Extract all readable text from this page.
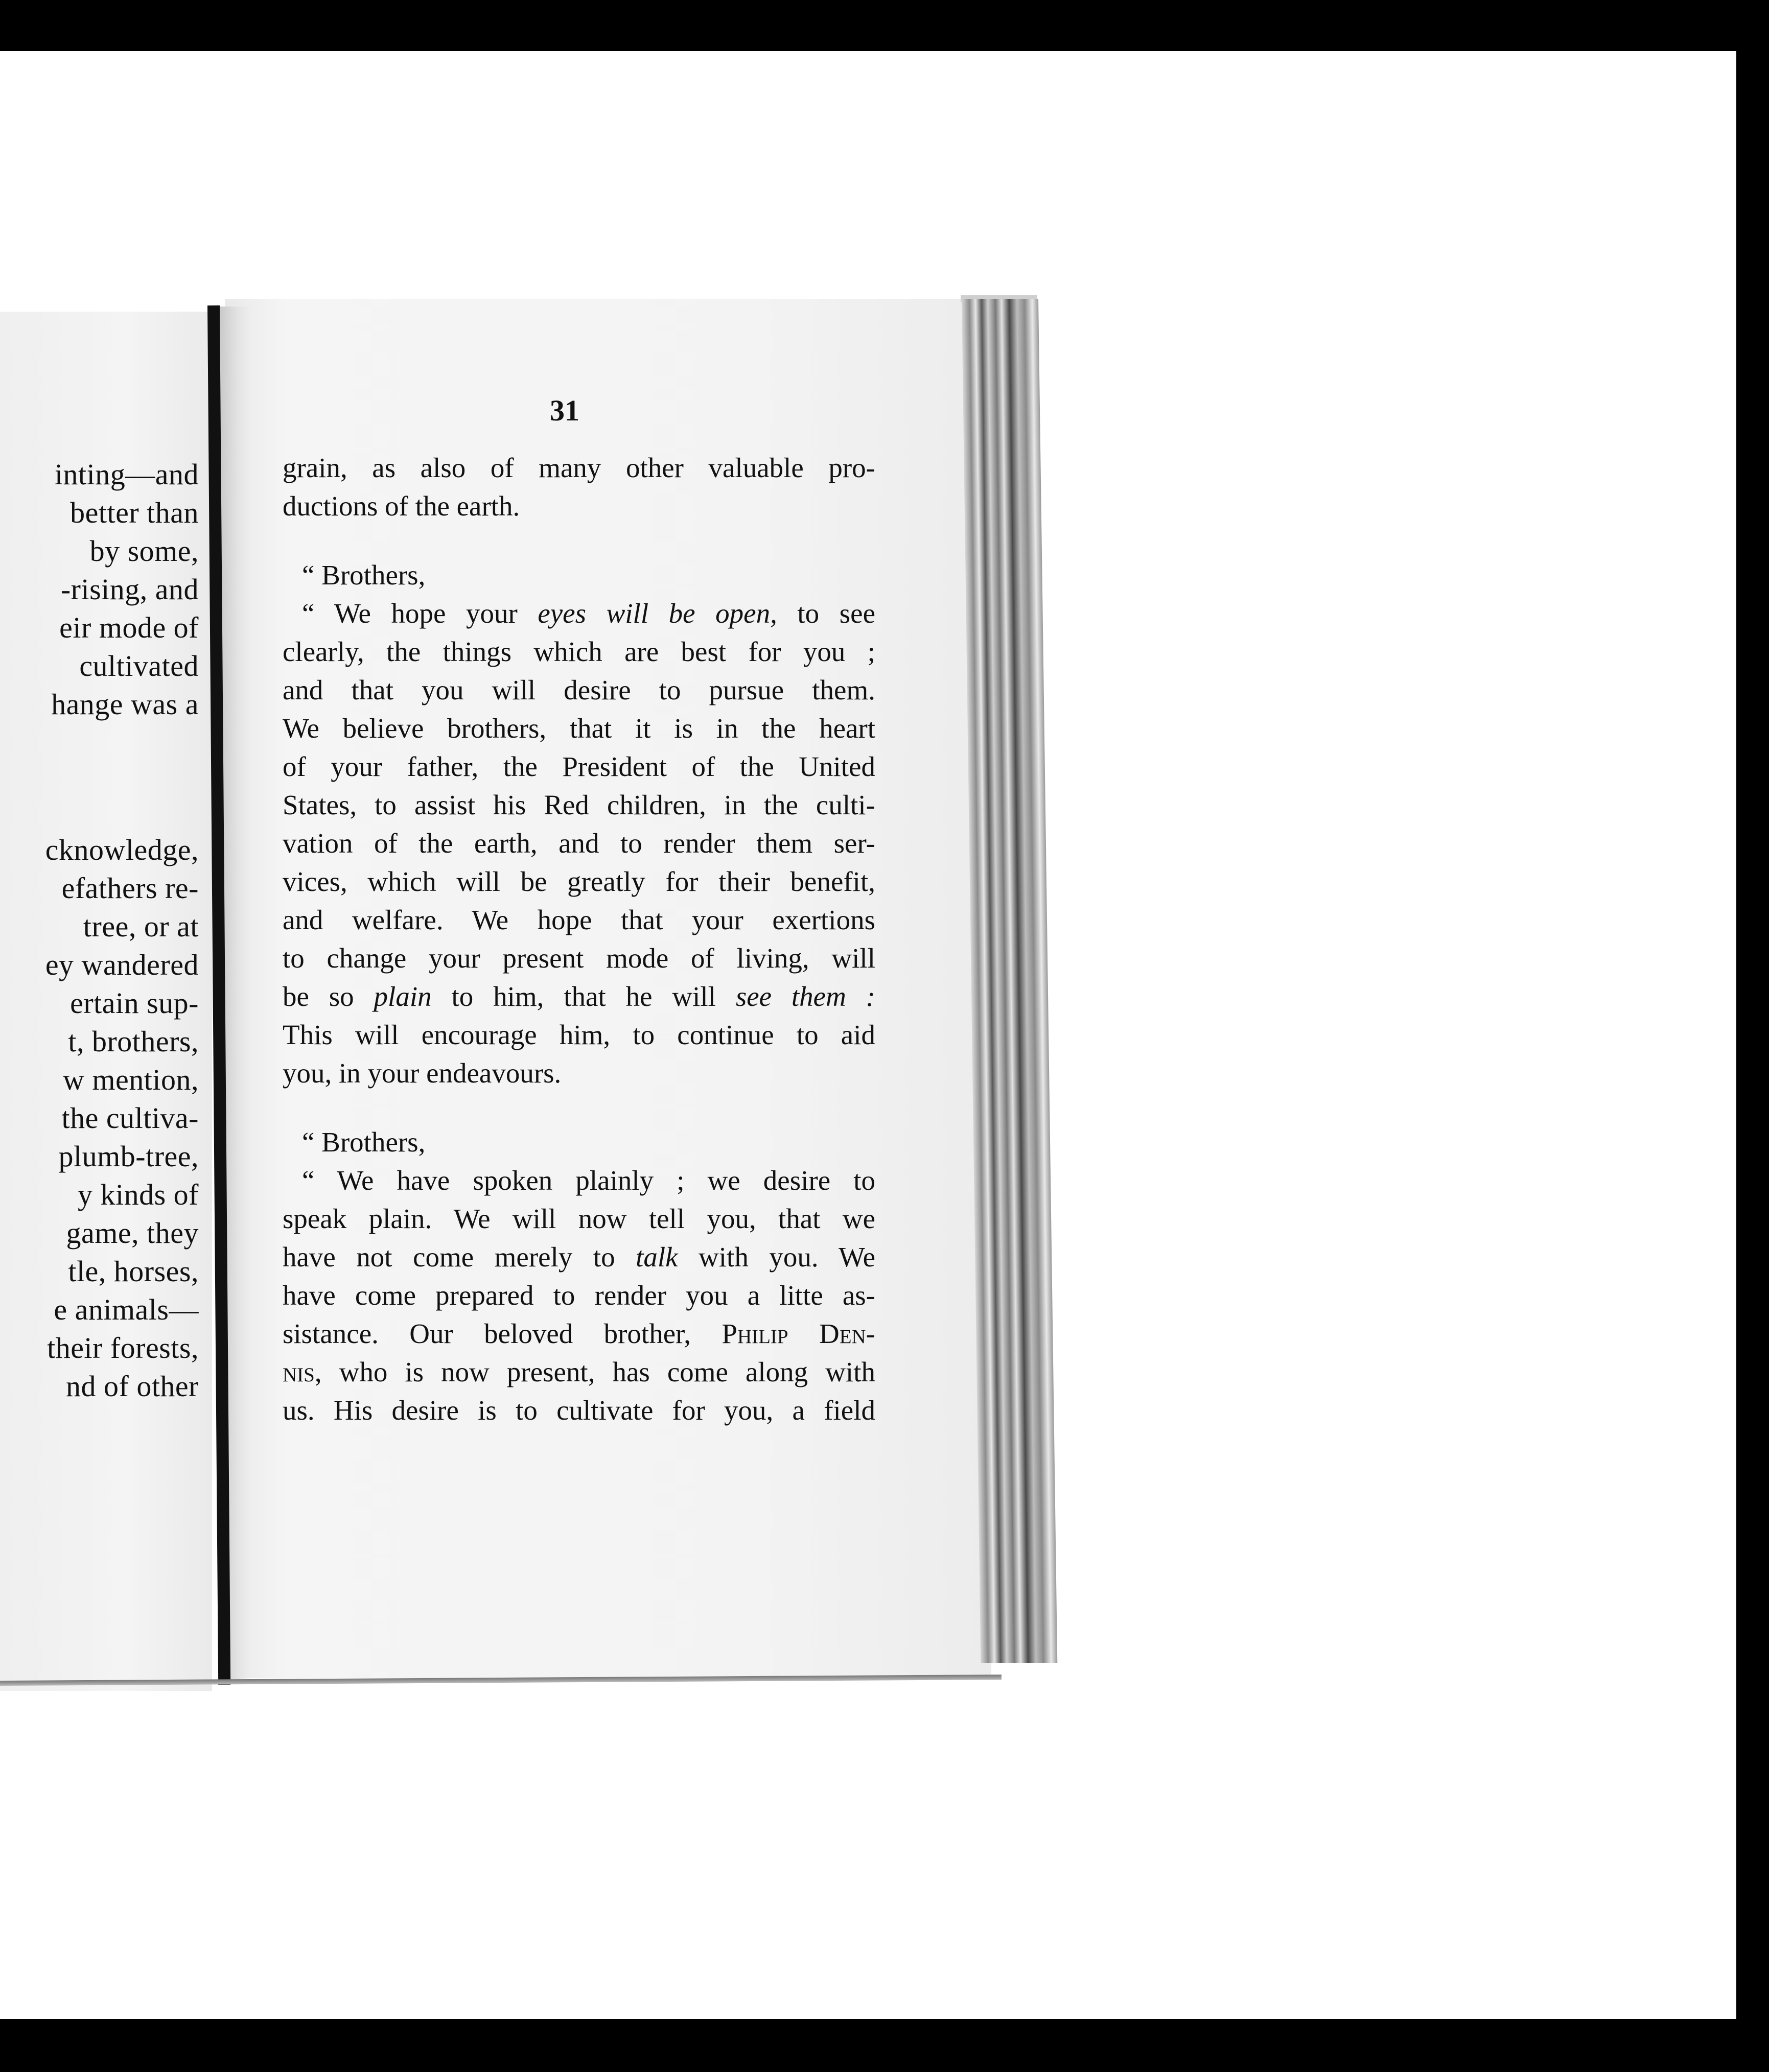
inting—and
better than
by some,
-rising, and
eir mode of
cultivated
hange was a
cknowledge,
efathers re-
tree, or at
ey wandered
ertain sup-
t, brothers,
w mention,
the cultiva-
plumb-tree,
y kinds of
game, they
tle, horses,
e animals—
their forests,
nd of other
31
grain, as also of many other valuable pro-
ductions of the earth.
“ Brothers,
“ We hope your eyes will be open, to see
clearly, the things which are best for you ;
and that you will desire to pursue them.
We believe brothers, that it is in the heart
of your father, the President of the United
States, to assist his Red children, in the culti-
vation of the earth, and to render them ser-
vices, which will be greatly for their benefit,
and welfare. We hope that your exertions
to change your present mode of living, will
be so plain to him, that he will see them :
This will encourage him, to continue to aid
you, in your endeavours.
“ Brothers,
“ We have spoken plainly ; we desire to
speak plain. We will now tell you, that we
have not come merely to talk with you. We
have come prepared to render you a litte as-
sistance. Our beloved brother, Philip Den-
nis, who is now present, has come along with
us. His desire is to cultivate for you, a field
